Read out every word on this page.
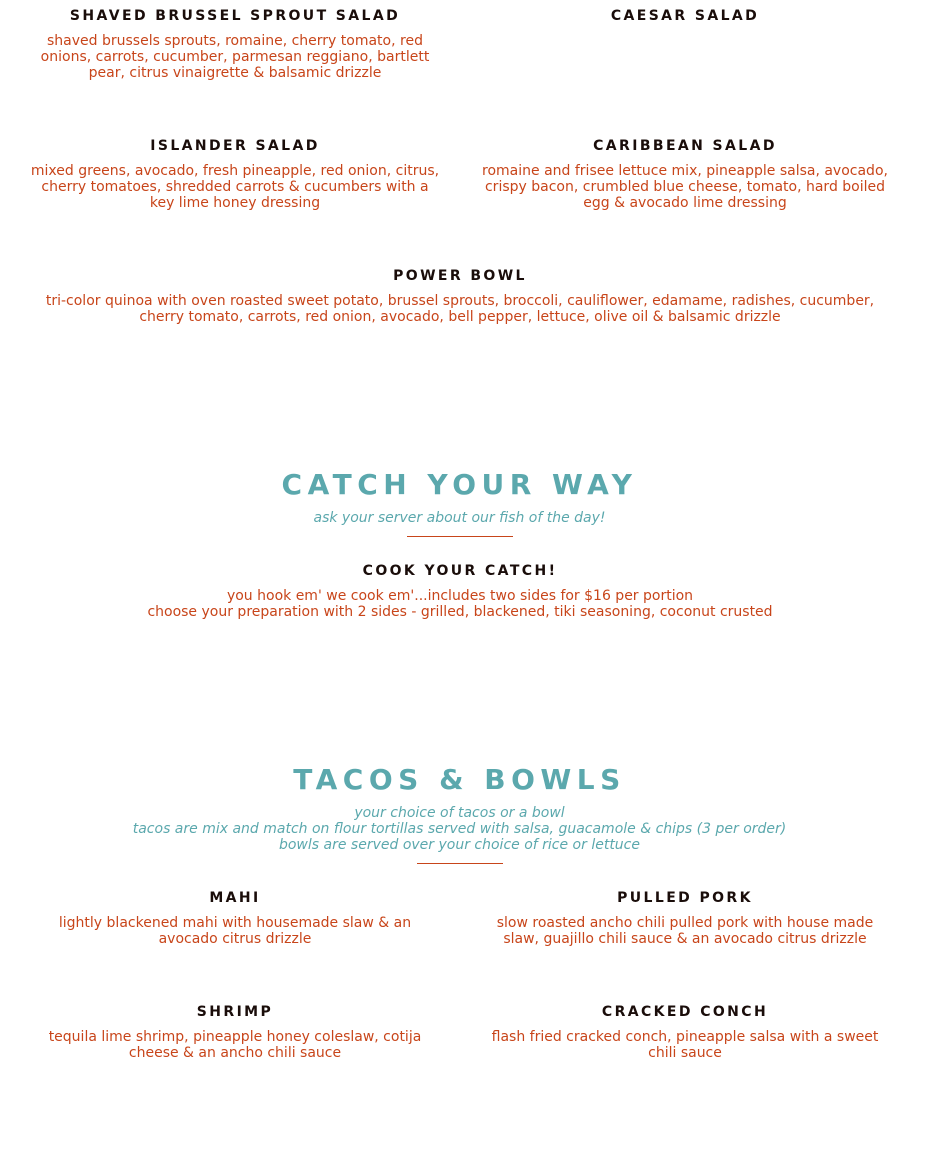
SHAVED BRUSSEL SPROUT SALAD

shaved brussels sprouts, romaine, cherry tomato, red onions, carrots, cucumber, parmesan reggiano, bartlett pear, citrus vinaigrette & balsamic drizzle

CAESAR SALAD

ISLANDER SALAD

mixed greens, avocado, fresh pineapple, red onion, citrus, cherry tomatoes, shredded carrots & cucumbers with a key lime honey dressing

CARIBBEAN SALAD

romaine and frisee lettuce mix, pineapple salsa, avocado, crispy bacon, crumbled blue cheese, tomato, hard boiled egg & avocado lime dressing

POWER BOWL

tri-color quinoa with oven roasted sweet potato, brussel sprouts, broccoli, cauliflower, edamame, radishes, cucumber, cherry tomato, carrots, red onion, avocado, bell pepper, lettuce, olive oil & balsamic drizzle

CATCH YOUR WAY

ask your server about our fish of the day!

COOK YOUR CATCH!

you hook em' we cook em'...includes two sides for $16 per portion
choose your preparation with 2 sides - grilled, blackened, tiki seasoning, coconut crusted

TACOS & BOWLS

your choice of tacos or a bowl
tacos are mix and match on flour tortillas served with salsa, guacamole & chips (3 per order)
bowls are served over your choice of rice or lettuce

MAHI

lightly blackened mahi with housemade slaw & an avocado citrus drizzle

PULLED PORK

slow roasted ancho chili pulled pork with house made slaw, guajillo chili sauce & an avocado citrus drizzle

SHRIMP

tequila lime shrimp, pineapple honey coleslaw, cotija cheese & an ancho chili sauce

CRACKED CONCH

flash fried cracked conch, pineapple salsa with a sweet chili sauce
